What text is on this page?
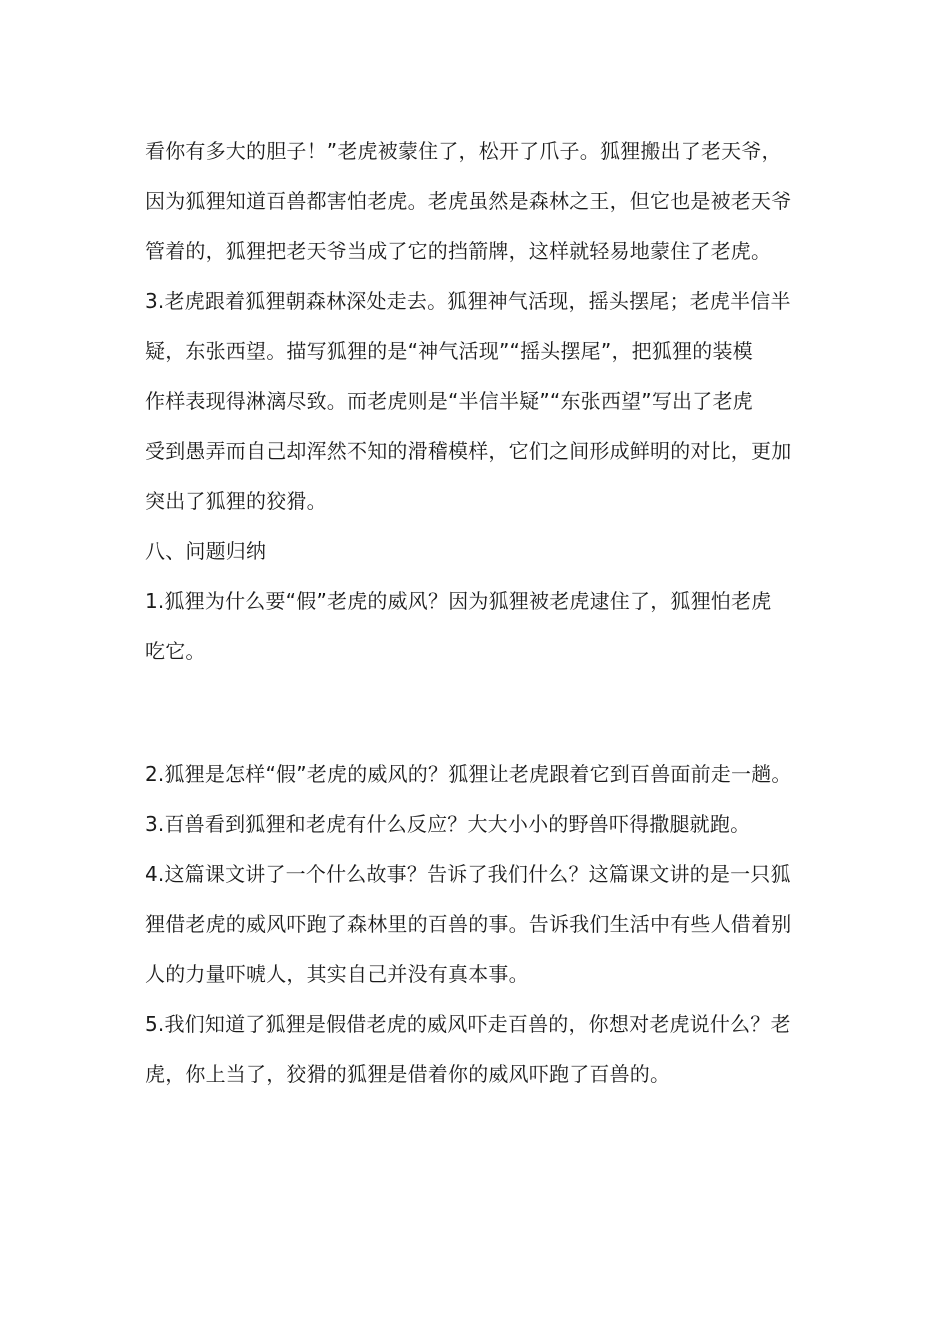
看你有多大的胆子！”老虎被蒙住了，松开了爪子。狐狸搬出了老天爷，
因为狐狸知道百兽都害怕老虎。老虎虽然是森林之王，但它也是被老天爷
管着的，狐狸把老天爷当成了它的挡箭牌，这样就轻易地蒙住了老虎。
3.老虎跟着狐狸朝森林深处走去。狐狸神气活现，摇头摆尾；老虎半信半
疑，东张西望。描写狐狸的是“神气活现”“摇头摆尾”，把狐狸的装模
作样表现得淋漓尽致。而老虎则是“半信半疑”“东张西望”写出了老虎
受到愚弄而自己却浑然不知的滑稽模样，它们之间形成鲜明的对比，更加
突出了狐狸的狡猾。
八、问题归纳
1.狐狸为什么要“假”老虎的威风？因为狐狸被老虎逮住了，狐狸怕老虎
吃它。
2.狐狸是怎样“假”老虎的威风的？狐狸让老虎跟着它到百兽面前走一趟。
3.百兽看到狐狸和老虎有什么反应？大大小小的野兽吓得撒腿就跑。
4.这篇课文讲了一个什么故事？告诉了我们什么？这篇课文讲的是一只狐
狸借老虎的威风吓跑了森林里的百兽的事。告诉我们生活中有些人借着别
人的力量吓唬人，其实自己并没有真本事。
5.我们知道了狐狸是假借老虎的威风吓走百兽的，你想对老虎说什么？老
虎，你上当了，狡猾的狐狸是借着你的威风吓跑了百兽的。
